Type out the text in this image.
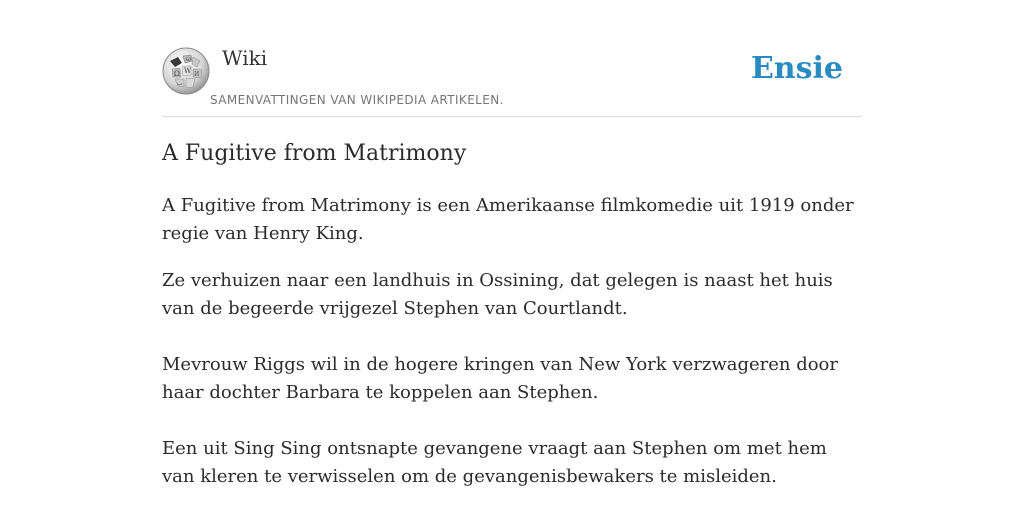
Ω W И
ω
ب
Wiki
SAMENVATTINGEN VAN WIKIPEDIA ARTIKELEN.
Ensie
A Fugitive from Matrimony

A Fugitive from Matrimony is een Amerikaanse filmkomedie uit 1919 onder regie van Henry King.

Ze verhuizen naar een landhuis in Ossining, dat gelegen is naast het huis van de begeerde vrijgezel Stephen van Courtlandt.

Mevrouw Riggs wil in de hogere kringen van New York verzwageren door haar dochter Barbara te koppelen aan Stephen.

Een uit Sing Sing ontsnapte gevangene vraagt aan Stephen om met hem van kleren te verwisselen om de gevangenisbewakers te misleiden.
